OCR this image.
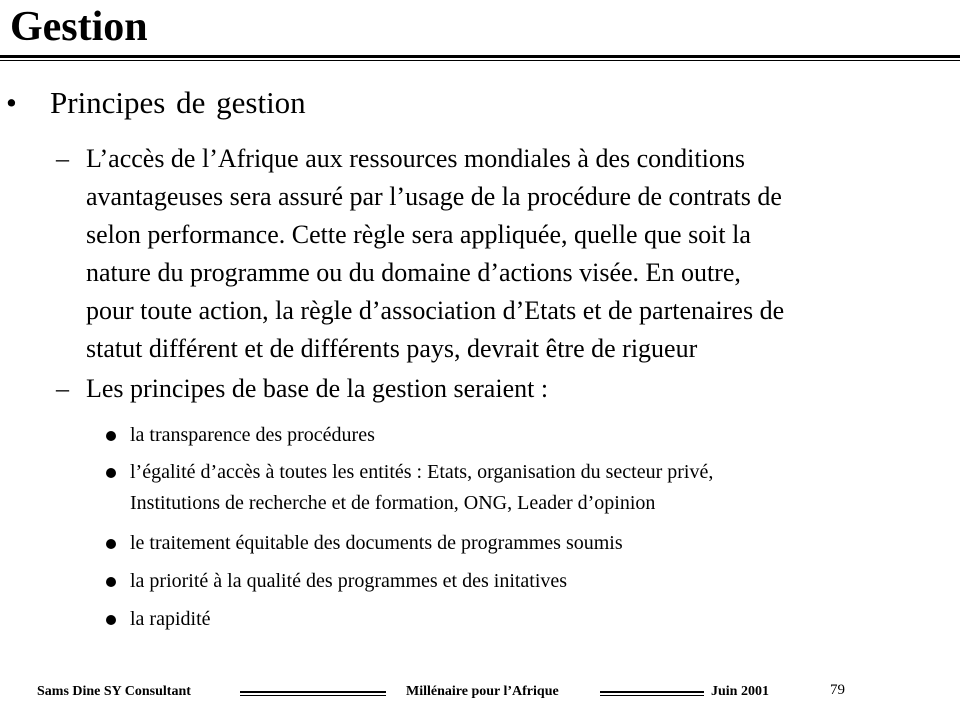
Gestion
•	Principes de gestion
– L’accès de l’Afrique aux ressources mondiales à des conditions
avantageuses sera assuré par l’usage de la procédure de contrats de
selon performance. Cette règle sera appliquée, quelle que soit la
nature du programme ou du domaine d’actions visée. En outre,
pour toute action, la règle d’association d’Etats et de partenaires de
statut différent et de différents pays, devrait être de rigueur
– Les principes de base de la gestion seraient :
la transparence des procédures
l’égalité d’accès à toutes les entités : Etats, organisation du secteur privé,
Institutions de recherche et de formation, ONG, Leader d’opinion
le traitement équitable des documents de programmes soumis
la priorité à la qualité des programmes et des initatives
la rapidité
Sams Dine SY Consultant	Millénaire pour l’Afrique	Juin 2001	79
